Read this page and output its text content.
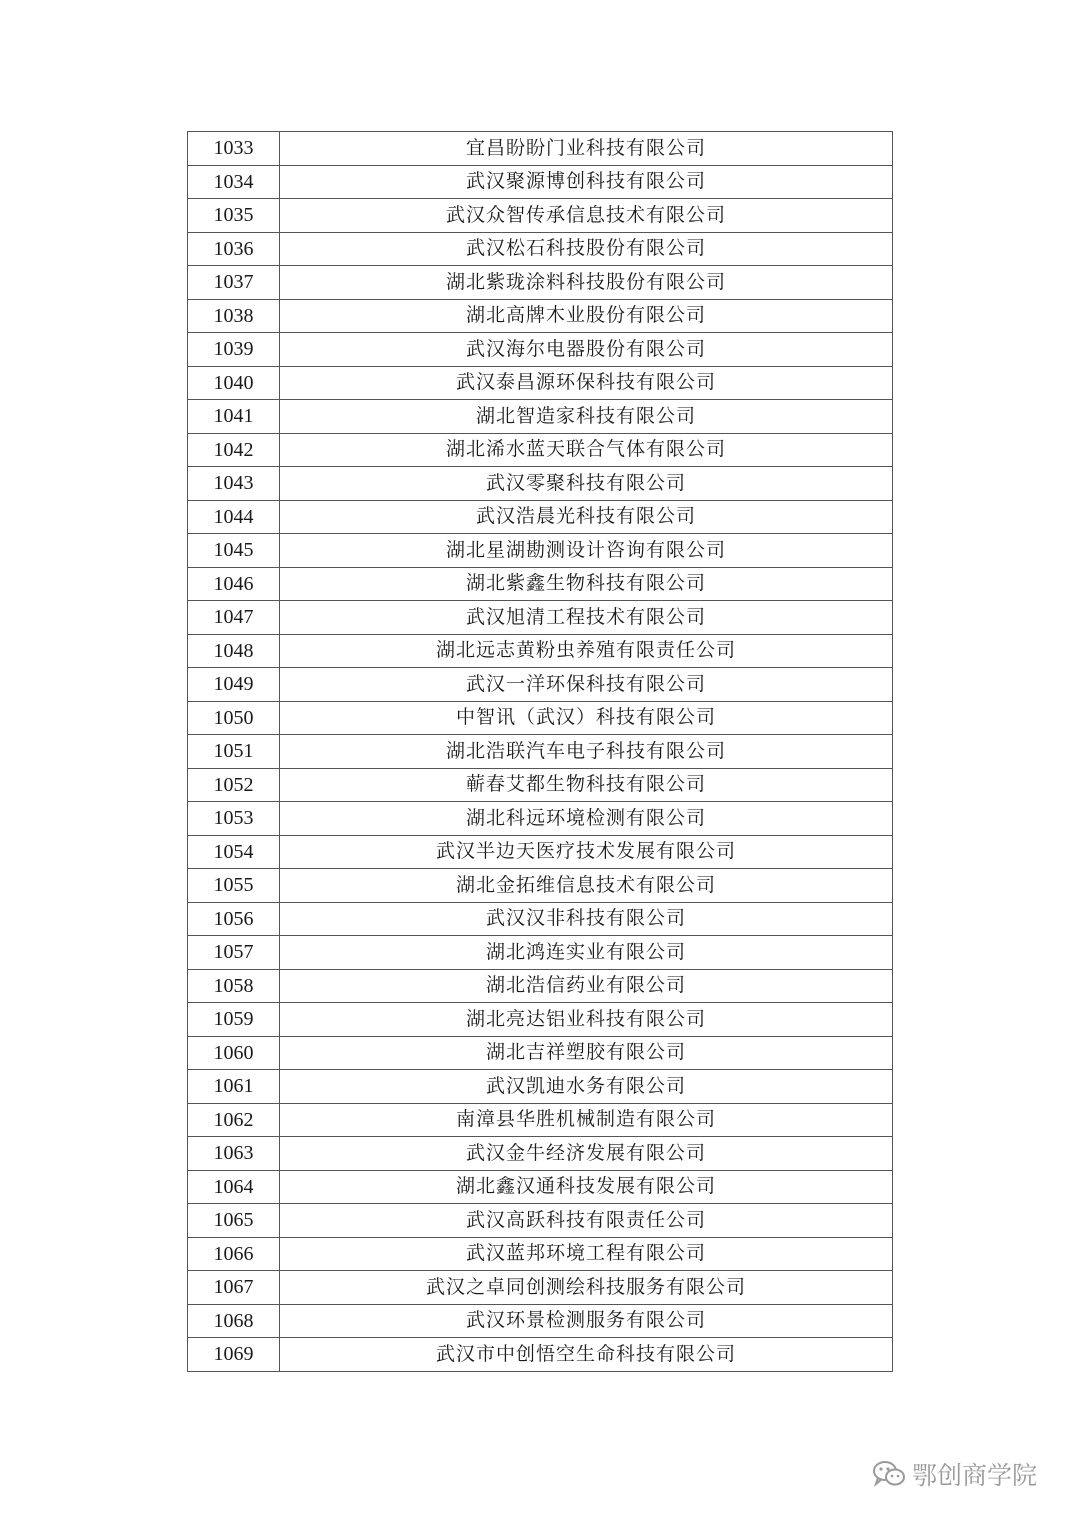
1033	宜昌盼盼门业科技有限公司
1034	武汉聚源博创科技有限公司
1035	武汉众智传承信息技术有限公司
1036	武汉松石科技股份有限公司
1037	湖北紫珑涂料科技股份有限公司
1038	湖北高牌木业股份有限公司
1039	武汉海尔电器股份有限公司
1040	武汉泰昌源环保科技有限公司
1041	湖北智造家科技有限公司
1042	湖北浠水蓝天联合气体有限公司
1043	武汉零聚科技有限公司
1044	武汉浩晨光科技有限公司
1045	湖北星湖勘测设计咨询有限公司
1046	湖北紫鑫生物科技有限公司
1047	武汉旭清工程技术有限公司
1048	湖北远志黄粉虫养殖有限责任公司
1049	武汉一洋环保科技有限公司
1050	中智讯（武汉）科技有限公司
1051	湖北浩联汽车电子科技有限公司
1052	蕲春艾都生物科技有限公司
1053	湖北科远环境检测有限公司
1054	武汉半边天医疗技术发展有限公司
1055	湖北金拓维信息技术有限公司
1056	武汉汉非科技有限公司
1057	湖北鸿连实业有限公司
1058	湖北浩信药业有限公司
1059	湖北亮达铝业科技有限公司
1060	湖北吉祥塑胶有限公司
1061	武汉凯迪水务有限公司
1062	南漳县华胜机械制造有限公司
1063	武汉金牛经济发展有限公司
1064	湖北鑫汉通科技发展有限公司
1065	武汉高跃科技有限责任公司
1066	武汉蓝邦环境工程有限公司
1067	武汉之卓同创测绘科技服务有限公司
1068	武汉环景检测服务有限公司
1069	武汉市中创悟空生命科技有限公司
鄂创商学院
